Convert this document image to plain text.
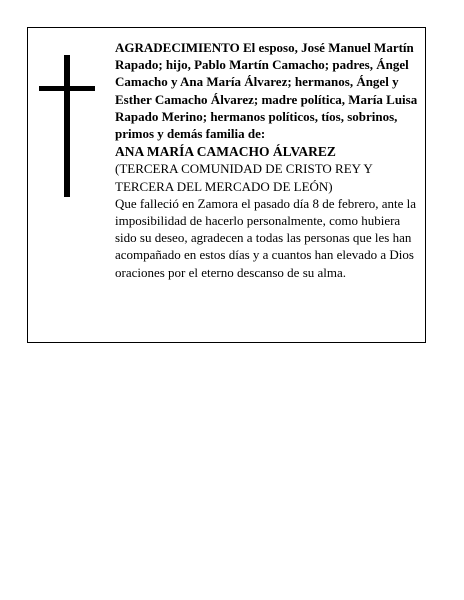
AGRADECIMIENTO El esposo, José Manuel Martín Rapado; hijo, Pablo Martín Camacho; padres, Ángel Camacho y Ana María Álvarez; hermanos, Ángel y Esther Camacho Álvarez; madre política, María Luisa Rapado Merino; hermanos políticos, tíos, sobrinos, primos y demás familia de:

ANA MARÍA CAMACHO ÁLVAREZ

(TERCERA COMUNIDAD DE CRISTO REY Y TERCERA DEL MERCADO DE LEÓN)

Que falleció en Zamora el pasado día 8 de febrero, ante la imposibilidad de hacerlo personalmente, como hubiera sido su deseo, agradecen a todas las personas que les han acompañado en estos días y a cuantos han elevado a Dios oraciones por el eterno descanso de su alma.
